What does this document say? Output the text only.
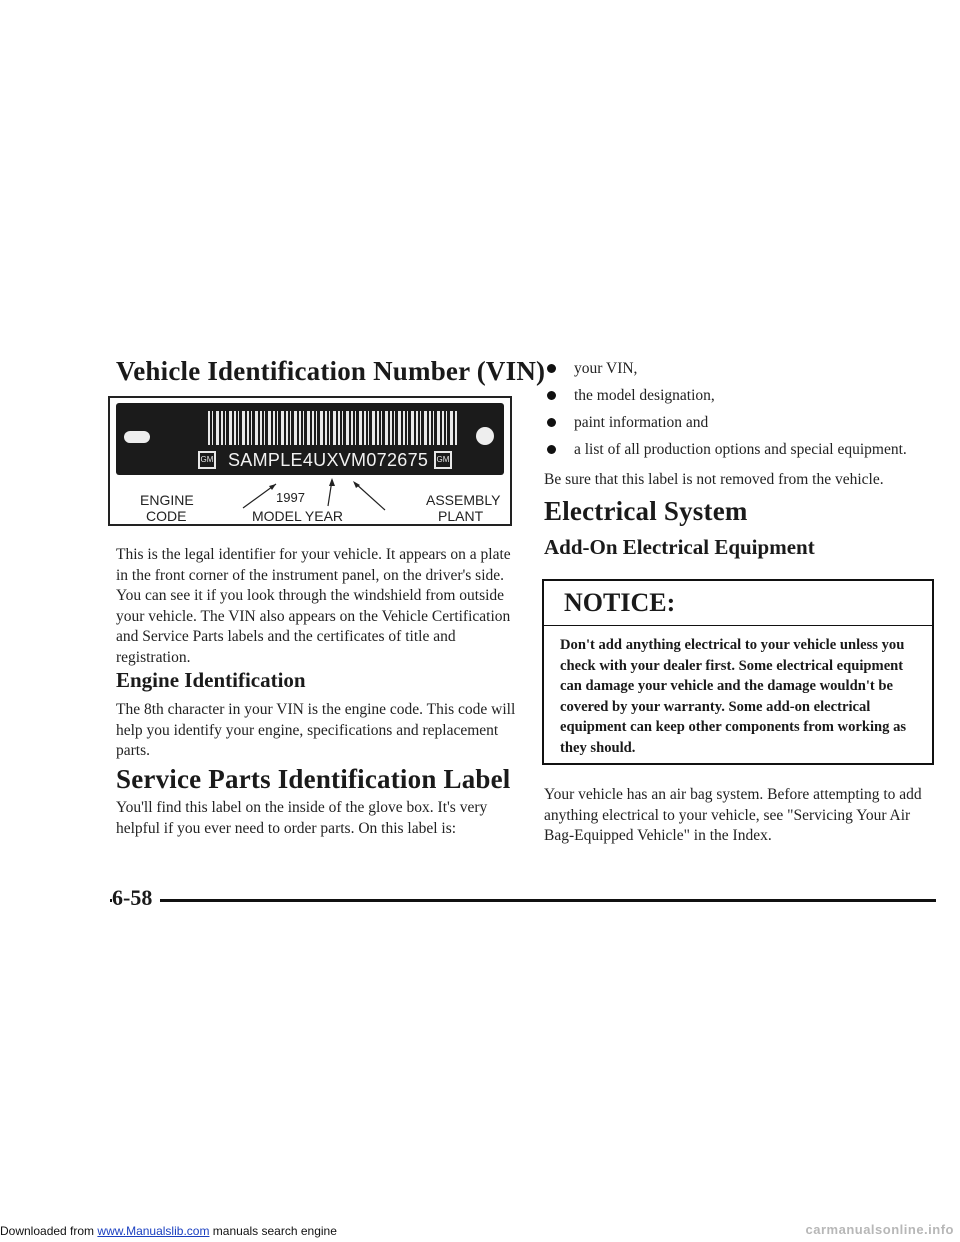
Vehicle Identification Number (VIN)
GM SAMPLE4UXVM072675	GM
ENGINE
CODE
1997
MODEL YEAR
ASSEMBLY
PLANT
This is the legal identifier for your vehicle. It appears on a plate in the front corner of the instrument panel, on the driver's side. You can see it if you look through the windshield from outside your vehicle. The VIN also appears on the Vehicle Certification and Service Parts labels and the certificates of title and registration.
Engine Identification
The 8th character in your VIN is the engine code. This code will help you identify your engine, specifications and replacement parts.
Service Parts Identification Label
You'll find this label on the inside of the glove box. It's very helpful if you ever need to order parts. On this label is:
your VIN,
the model designation,
paint information and
a list of all production options and special equipment.
Be sure that this label is not removed from the vehicle.
Electrical System
Add-On Electrical Equipment
NOTICE:
Don't add anything electrical to your vehicle unless you check with your dealer first. Some electrical equipment can damage your vehicle and the damage wouldn't be covered by your warranty. Some add-on electrical equipment can keep other components from working as they should.
Your vehicle has an air bag system. Before attempting to add anything electrical to your vehicle, see "Servicing Your Air Bag-Equipped Vehicle" in the Index.
6-58
Downloaded from www.Manualslib.com manuals search engine	carmanualsonline.info
